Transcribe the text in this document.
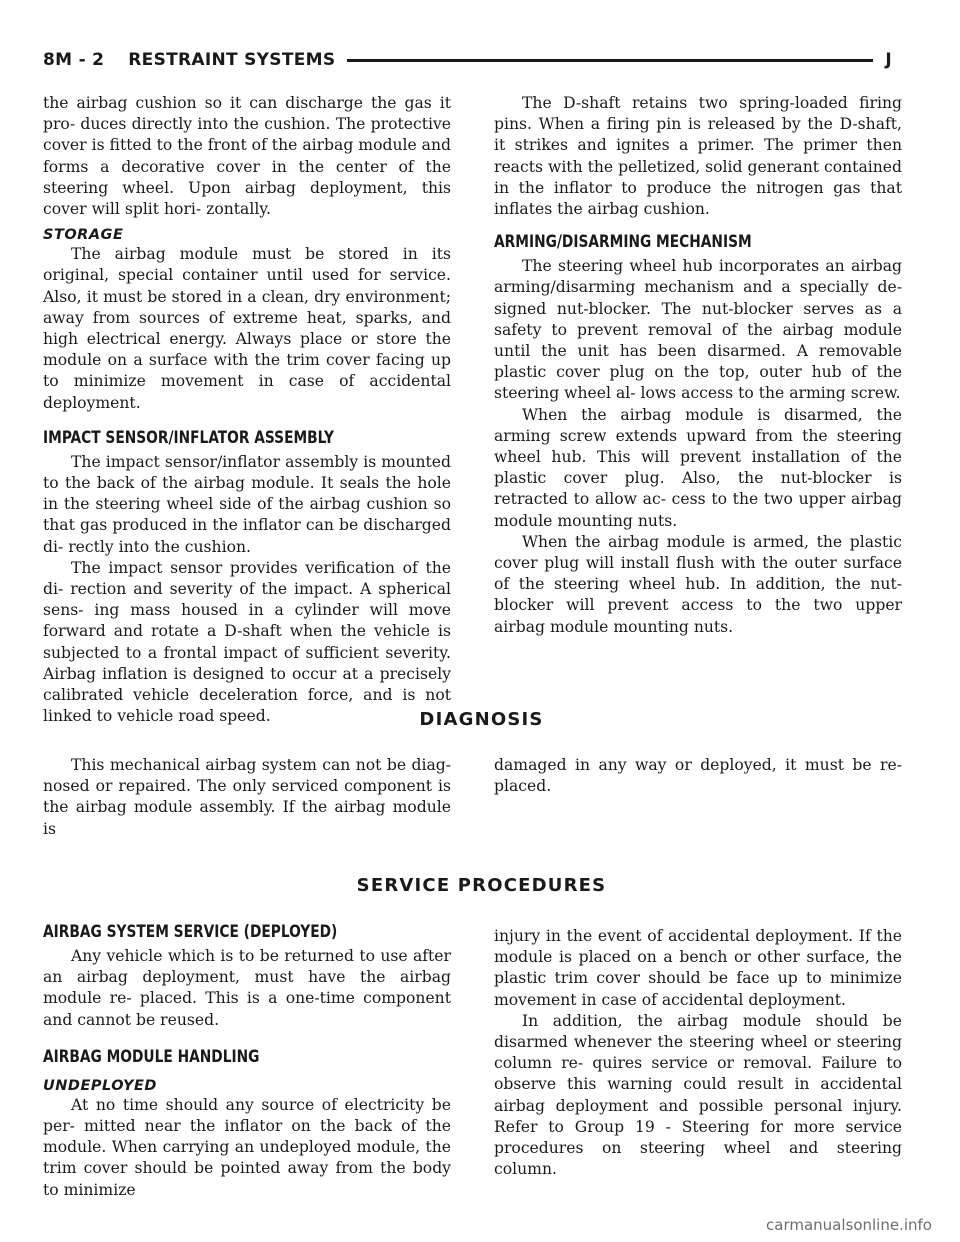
8M - 2 RESTRAINT SYSTEMS	J

the airbag cushion so it can discharge the gas it pro- duces directly into the cushion. The protective cover is fitted to the front of the airbag module and forms a decorative cover in the center of the steering wheel. Upon airbag deployment, this cover will split hori- zontally.

STORAGE

The airbag module must be stored in its original, special container until used for service. Also, it must be stored in a clean, dry environment; away from sources of extreme heat, sparks, and high electrical energy. Always place or store the module on a surface with the trim cover facing up to minimize movement in case of accidental deployment.

IMPACT SENSOR/INFLATOR ASSEMBLY

The impact sensor/inflator assembly is mounted to the back of the airbag module. It seals the hole in the steering wheel side of the airbag cushion so that gas produced in the inflator can be discharged di- rectly into the cushion.

The impact sensor provides verification of the di- rection and severity of the impact. A spherical sens- ing mass housed in a cylinder will move forward and rotate a D-shaft when the vehicle is subjected to a frontal impact of sufficient severity. Airbag inflation is designed to occur at a precisely calibrated vehicle deceleration force, and is not linked to vehicle road speed.

The D-shaft retains two spring-loaded firing pins. When a firing pin is released by the D-shaft, it strikes and ignites a primer. The primer then reacts with the pelletized, solid generant contained in the inflator to produce the nitrogen gas that inflates the airbag cushion.

ARMING/DISARMING MECHANISM

The steering wheel hub incorporates an airbag arming/disarming mechanism and a specially de- signed nut-blocker. The nut-blocker serves as a safety to prevent removal of the airbag module until the unit has been disarmed. A removable plastic cover plug on the top, outer hub of the steering wheel al- lows access to the arming screw.

When the airbag module is disarmed, the arming screw extends upward from the steering wheel hub. This will prevent installation of the plastic cover plug. Also, the nut-blocker is retracted to allow ac- cess to the two upper airbag module mounting nuts.

When the airbag module is armed, the plastic cover plug will install flush with the outer surface of the steering wheel hub. In addition, the nut-blocker will prevent access to the two upper airbag module mounting nuts.

DIAGNOSIS

This mechanical airbag system can not be diag- nosed or repaired. The only serviced component is the airbag module assembly. If the airbag module is

damaged in any way or deployed, it must be re- placed.

SERVICE PROCEDURES
AIRBAG SYSTEM SERVICE (DEPLOYED)

Any vehicle which is to be returned to use after an airbag deployment, must have the airbag module re- placed. This is a one-time component and cannot be reused.

AIRBAG MODULE HANDLING
UNDEPLOYED

At no time should any source of electricity be per- mitted near the inflator on the back of the module. When carrying an undeployed module, the trim cover should be pointed away from the body to minimize

injury in the event of accidental deployment. If the module is placed on a bench or other surface, the plastic trim cover should be face up to minimize movement in case of accidental deployment.

In addition, the airbag module should be disarmed whenever the steering wheel or steering column re- quires service or removal. Failure to observe this warning could result in accidental airbag deployment and possible personal injury. Refer to Group 19 - Steering for more service procedures on steering wheel and steering column.

carmanualsonline.info
